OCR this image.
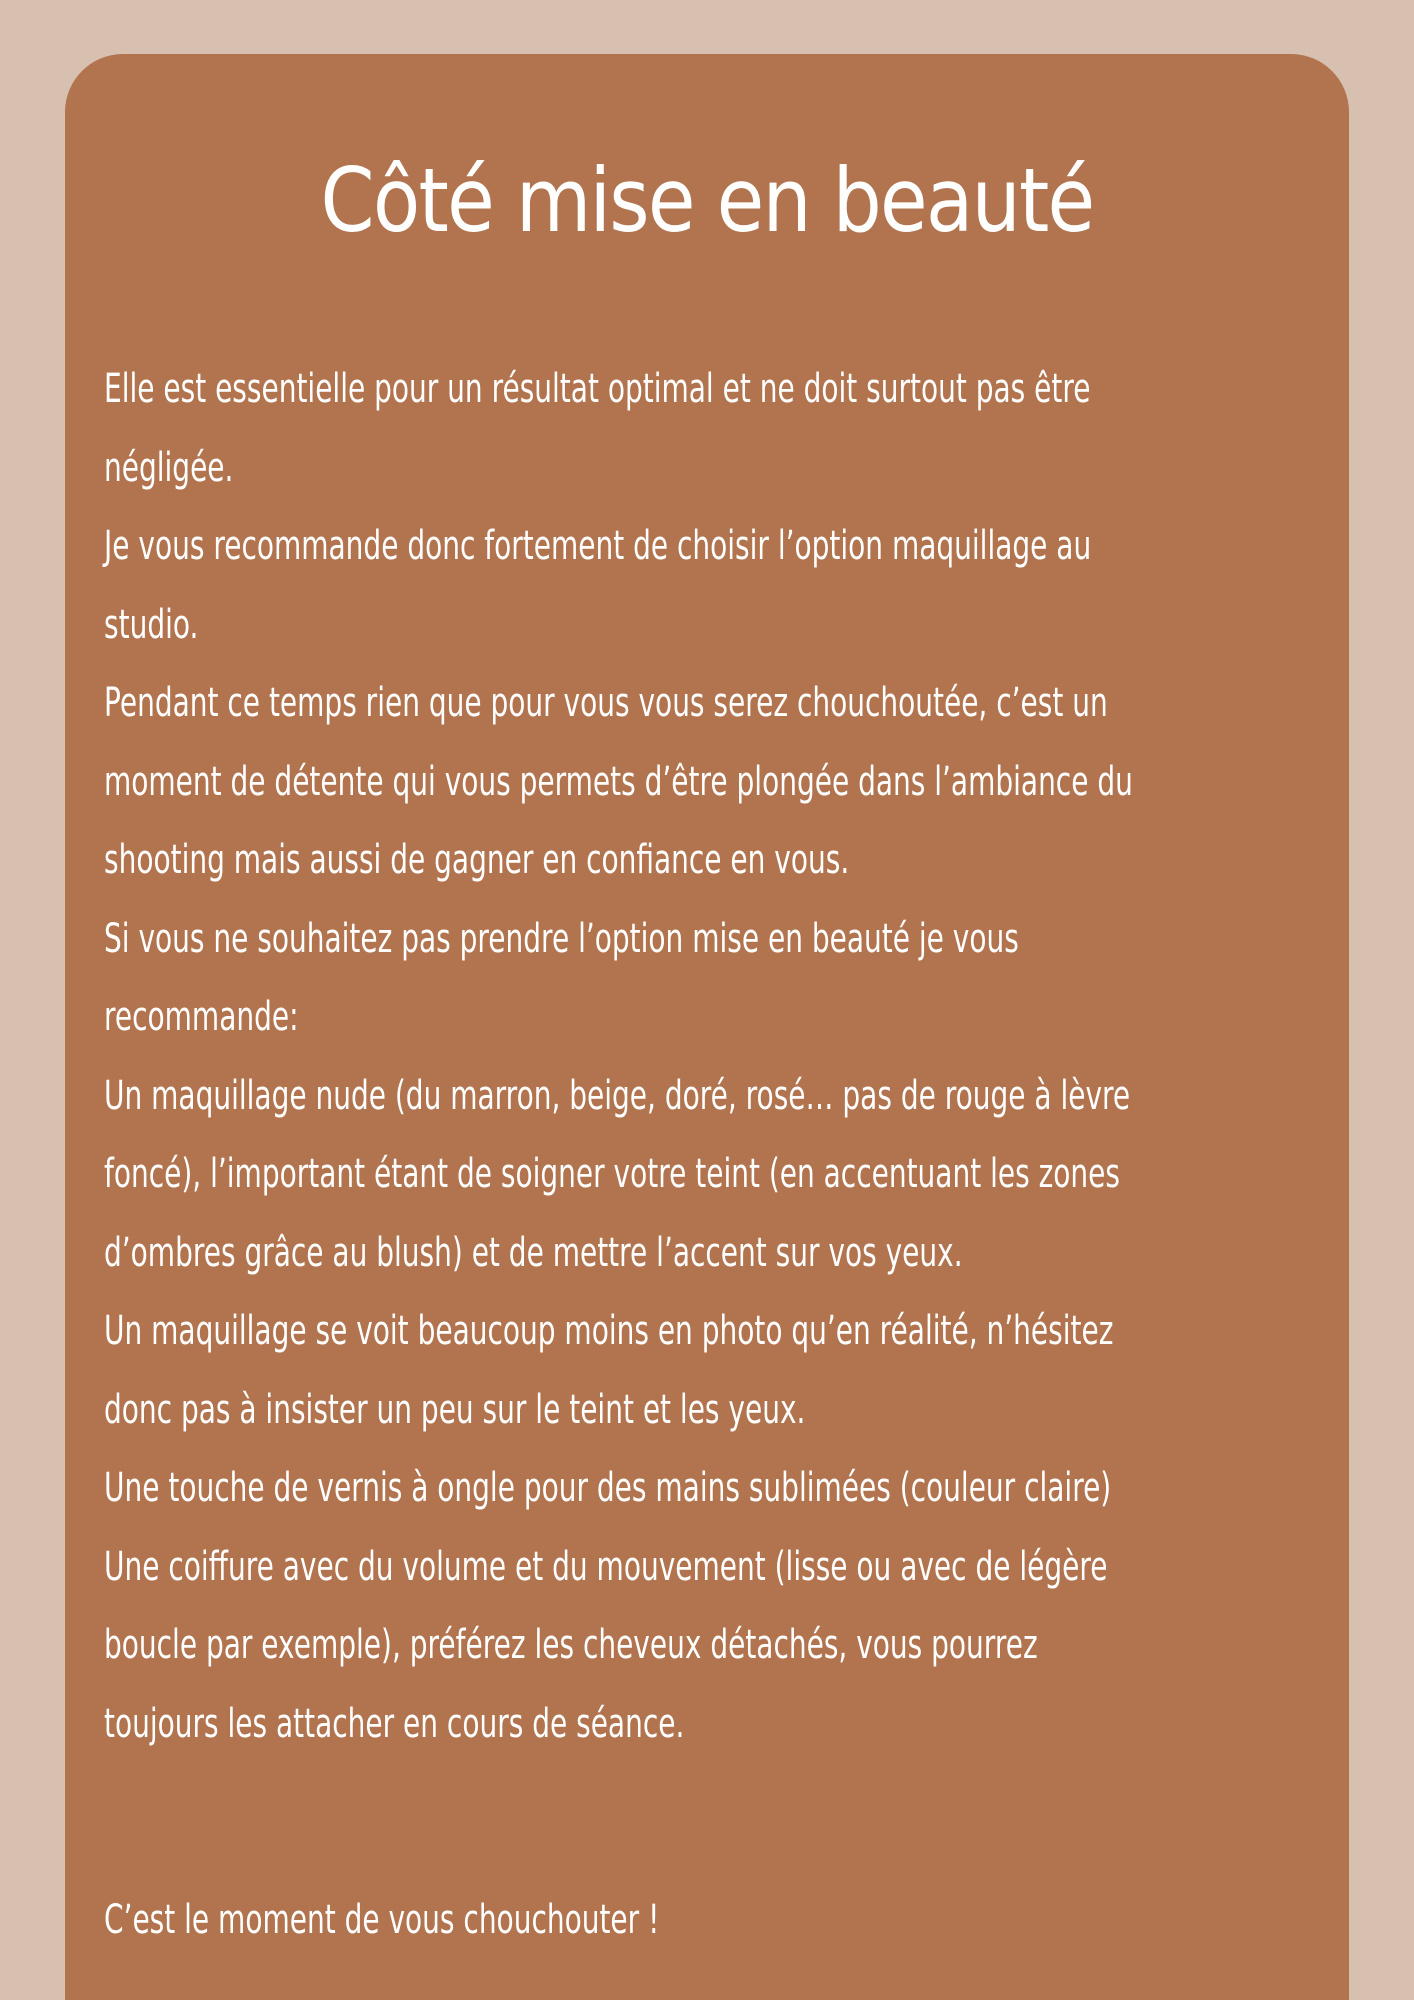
Côté mise en beauté

Elle est essentielle pour un résultat optimal et ne doit surtout pas être négligée.

Je vous recommande donc fortement de choisir l’option maquillage au studio.

Pendant ce temps rien que pour vous vous serez chouchoutée, c’est un moment de détente qui vous permets d’être plongée dans l’ambiance du shooting mais aussi de gagner en confiance en vous.

Si vous ne souhaitez pas prendre l’option mise en beauté je vous recommande:

Un maquillage nude (du marron, beige, doré, rosé… pas de rouge à lèvre foncé), l’important étant de soigner votre teint (en accentuant les zones d’ombres grâce au blush) et de mettre l’accent sur vos yeux.

Un maquillage se voit beaucoup moins en photo qu’en réalité, n’hésitez donc pas à insister un peu sur le teint et les yeux.

Une touche de vernis à ongle pour des mains sublimées (couleur claire)

Une coiffure avec du volume et du mouvement (lisse ou avec de légère boucle par exemple), préférez les cheveux détachés, vous pourrez toujours les attacher en cours de séance.

C’est le moment de vous chouchouter !
